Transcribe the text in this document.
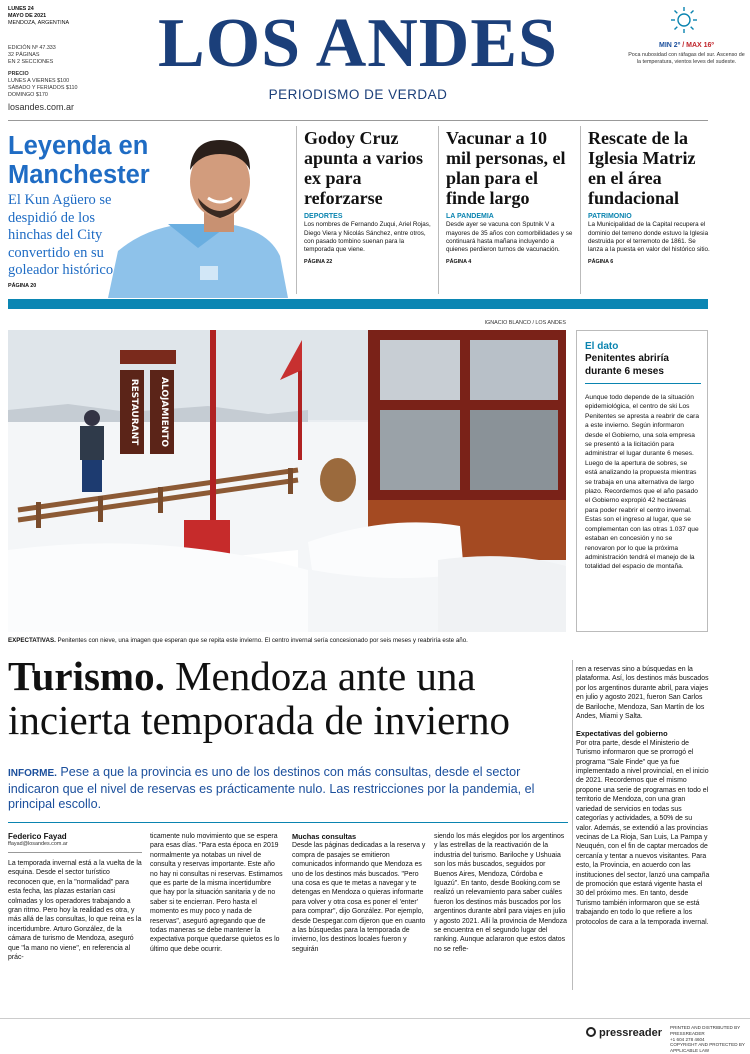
LUNES 24
MAYO DE 2021
MENDOZA, ARGENTINA
EDICIÓN Nº 47.333
32 PÁGINAS
EN 2 SECCIONES
PRECIO
LUNES A VIERNES $100
SÁBADO Y FERIADOS $110
DOMINGO $170
losandes.com.ar
LOS ANDES
PERIODISMO DE VERDAD
MIN 2º / MAX 16º
Poca nubosidad con ráfagas del sur. Ascenso de la temperatura, vientos leves del sudeste.
Leyenda en Manchester
El Kun Agüero se despidió de los hinchas del City convertido en su goleador histórico
PÁGINA 20
Godoy Cruz apunta a varios ex para reforzarse
DEPORTES
Los nombres de Fernando Zuqui, Ariel Rojas, Diego Viera y Nicolás Sánchez, entre otros, con pasado tombino suenan para la temporada que viene.
PÁGINA 22
Vacunar a 10 mil personas, el plan para el finde largo
LA PANDEMIA
Desde ayer se vacuna con Sputnik V a mayores de 35 años con comorbilidades y se continuará hasta mañana incluyendo a quienes perdieron turnos de vacunación.
PÁGINA 4
Rescate de la Iglesia Matriz en el área fundacional
PATRIMONIO
La Municipalidad de la Capital recupera el dominio del terreno donde estuvo la Iglesia destruida por el terremoto de 1861. Se lanza a la puesta en valor del histórico sitio.
PÁGINA 6
IGNACIO BLANCO / LOS ANDES
RESTAURANT ALOJAMIENTO
EXPECTATIVAS. Penitentes con nieve, una imagen que esperan que se repita este invierno. El centro invernal sería concesionado por seis meses y reabriría este año.
El dato
Penitentes abriría durante 6 meses
Aunque todo depende de la situación epidemiológica, el centro de ski Los Penitentes se apresta a reabrir de cara a este invierno. Según informaron desde el Gobierno, una sola empresa se presentó a la licitación para administrar el lugar durante 6 meses. Luego de la apertura de sobres, se está analizando la propuesta mientras se trabaja en una alternativa de largo plazo. Recordemos que el año pasado el Gobierno expropió 42 hectáreas para poder reabrir el centro invernal. Estas son el ingreso al lugar, que se complementan con las otras 1.037 que estaban en concesión y no se renovaron por lo que la próxima administración tendrá el manejo de la totalidad del espacio de montaña.
Turismo. Mendoza ante una incierta temporada de invierno
INFORME. Pese a que la provincia es uno de los destinos con más consultas, desde el sector indicaron que el nivel de reservas es prácticamente nulo. Las restricciones por la pandemia, el principal escollo.
Federico Fayad
ffayad@losandes.com.ar
La temporada invernal está a la vuelta de la esquina. Desde el sector turístico reconocen que, en la "normalidad" para esta fecha, las plazas estarían casi colmadas y los operadores trabajando a gran ritmo. Pero hoy la realidad es otra, y más allá de las consultas, lo que reina es la incertidumbre. Arturo González, de la cámara de turismo de Mendoza, aseguró que "la mano no viene", en referencia al prác-
ticamente nulo movimiento que se espera para esas días. "Para esta época en 2019 normalmente ya notabas un nivel de consulta y reservas importante. Este año no hay ni consultas ni reservas. Estimamos que es parte de la misma incertidumbre que hay por la situación sanitaria y de no saber si te encierran. Pero hasta el momento es muy poco y nada de reservas", aseguró agregando que de todas maneras se debe mantener la expectativa porque quedarse quietos es lo último que debe ocurrir.
Muchas consultas
Desde las páginas dedicadas a la reserva y compra de pasajes se emitieron comunicados informando que Mendoza es uno de los destinos más buscados. "Pero una cosa es que te metas a navegar y te detengas en Mendoza o quieras informarte para volver y otra cosa es poner el 'enter' para comprar", dijo González. Por ejemplo, desde Despegar.com dijeron que en cuanto a las búsquedas para la temporada de invierno, los destinos locales fueron y seguirán
siendo los más elegidos por los argentinos y las estrellas de la reactivación de la industria del turismo. Bariloche y Ushuaia son los más buscados, seguidos por Buenos Aires, Mendoza, Córdoba e Iguazú". En tanto, desde Booking.com se realizó un relevamiento para saber cuáles fueron los destinos más buscados por los argentinos durante abril para viajes en julio y agosto 2021. Allí la provincia de Mendoza se encuentra en el segundo lugar del ranking. Aunque aclararon que estos datos no se refle-
ren a reservas sino a búsquedas en la plataforma. Así, los destinos más buscados por los argentinos durante abril, para viajes en julio y agosto 2021, fueron San Carlos de Bariloche, Mendoza, San Martín de los Andes, Miami y Salta.
Expectativas del gobierno
Por otra parte, desde el Ministerio de Turismo informaron que se prorrogó el programa "Sale Finde" que ya fue implementado a nivel provincial, en el inicio de 2021. Recordemos que el mismo propone una serie de programas en todo el territorio de Mendoza, con una gran variedad de servicios en todas sus categorías y actividades, a 50% de su valor. Además, se extendió a las provincias vecinas de La Rioja, San Luis, La Pampa y Neuquén, con el fin de captar mercados de cercanía y tentar a nuevos visitantes. Para esto, la Provincia, en acuerdo con las instituciones del sector, lanzó una campaña de promoción que estará vigente hasta el 30 del próximo mes. En tanto, desde Turismo también informaron que se está trabajando en todo lo que refiere a los protocolos de cara a la temporada invernal.
pressreader PRINTED AND DISTRIBUTED BY PRESSREADER
+1 604 278 4604
COPYRIGHT AND PROTECTED BY APPLICABLE LAW
